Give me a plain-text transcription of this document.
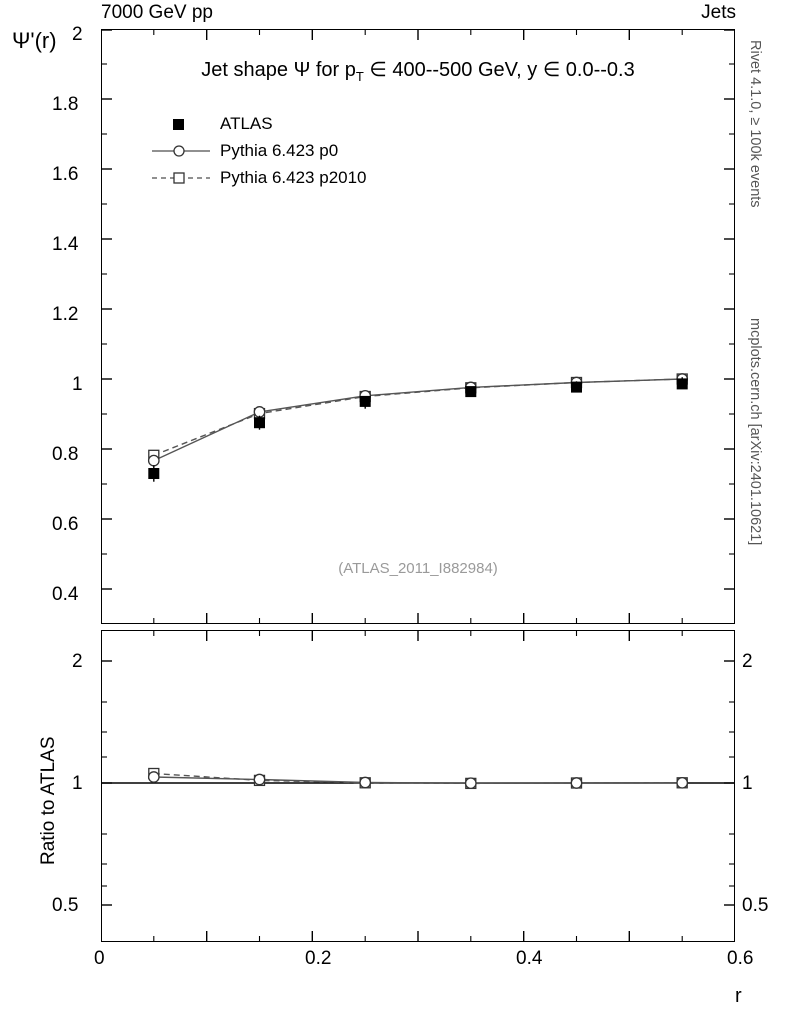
7000 GeV pp	Jets
Rivet 4.1.0, ≥ 100k events
mcplots.cern.ch [arXiv:2401.10621]
Ψ'(r)
0.4
0.6
0.8
1
1.2
1.4
1.6
1.8
2
Jet shape Ψ for $p_T$ ∈ 400--500 GeV, y ∈ 0.0--0.3
ATLAS
Pythia 6.423 p0
Pythia 6.423 p2010
(ATLAS_2011_I882984)
Ratio to ATLAS
0.5
1
2
0.5
1
2
0	0.2	0.4	0.6
r
